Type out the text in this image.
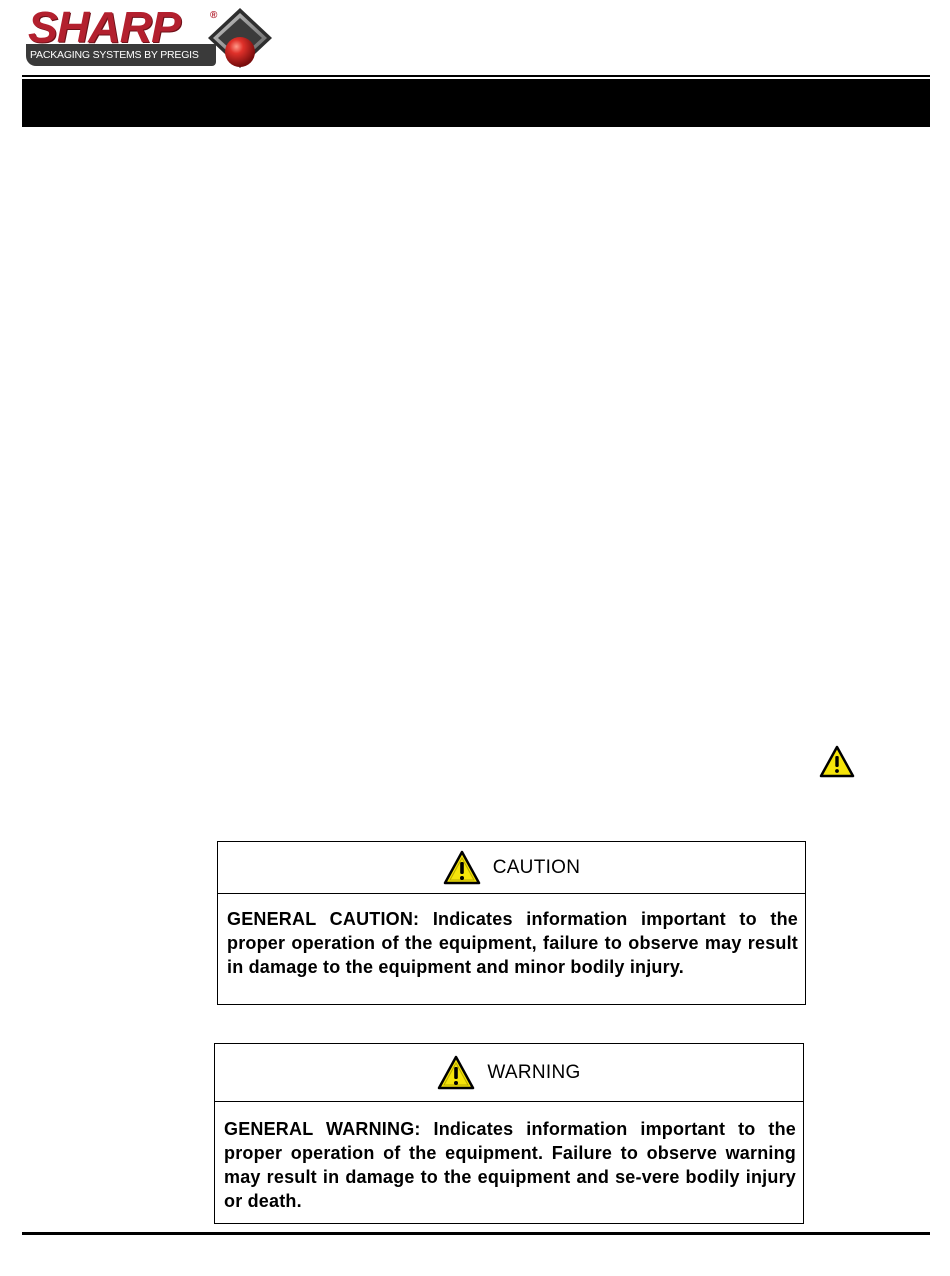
SHARP	®
PACKAGING SYSTEMS BY PREGIS
CAUTION
GENERAL CAUTION: Indicates information important to the proper operation of the equipment, failure to observe may result in damage to the equipment and minor bodily injury.
WARNING
GENERAL WARNING: Indicates information important to the proper operation of the equipment. Failure to observe warning may result in damage to the equipment and se-vere bodily injury or death.
